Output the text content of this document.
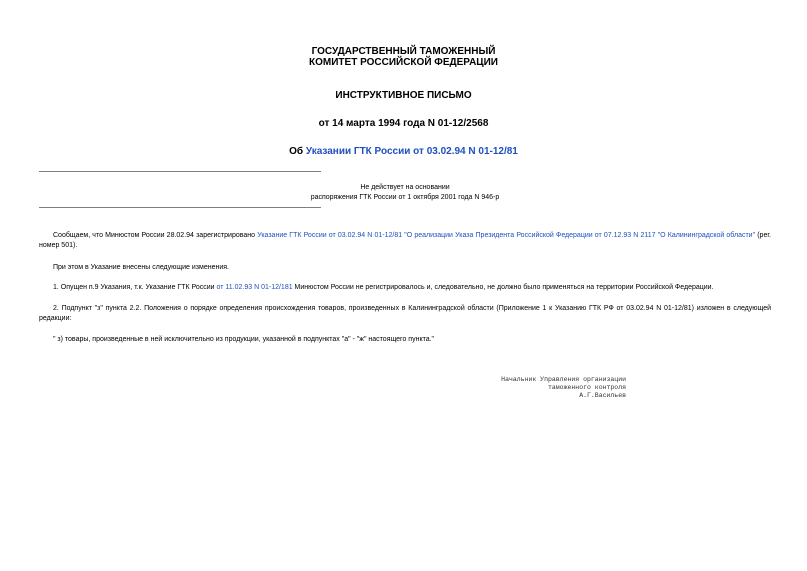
ГОСУДАРСТВЕННЫЙ ТАМОЖЕННЫЙ
КОМИТЕТ РОССИЙСКОЙ ФЕДЕРАЦИИ
ИНСТРУКТИВНОЕ ПИСЬМО
от 14 марта 1994 года N 01-12/2568
Об Указании ГТК России от 03.02.94 N 01-12/81
Не действует на основании
распоряжения ГТК России от 1 октября 2001 года N 946-р
Сообщаем, что Минюстом России 28.02.94 зарегистрировано Указание ГТК России от 03.02.94 N 01-12/81 "О реализации Указа Президента Российской Федерации от 07.12.93 N 2117 "О Калининградской области" (рег. номер 501).
При этом в Указание внесены следующие изменения.
1. Опущен п.9 Указания, т.к. Указание ГТК России от 11.02.93 N 01-12/181 Минюстом России не регистрировалось и, следовательно, не должно было применяться на территории Российской Федерации.
2. Подпункт "з" пункта 2.2. Положения о порядке определения происхождения товаров, произведенных в Калининградской области (Приложение 1 к Указанию ГТК РФ от 03.02.94 N 01-12/81) изложен в следующей редакции:
" з) товары, произведенные в ней исключительно из продукции, указанной в подпунктах "а" - "ж" настоящего пункта."
Начальник Управления организации
таможенного контроля
А.Г.Васильев
